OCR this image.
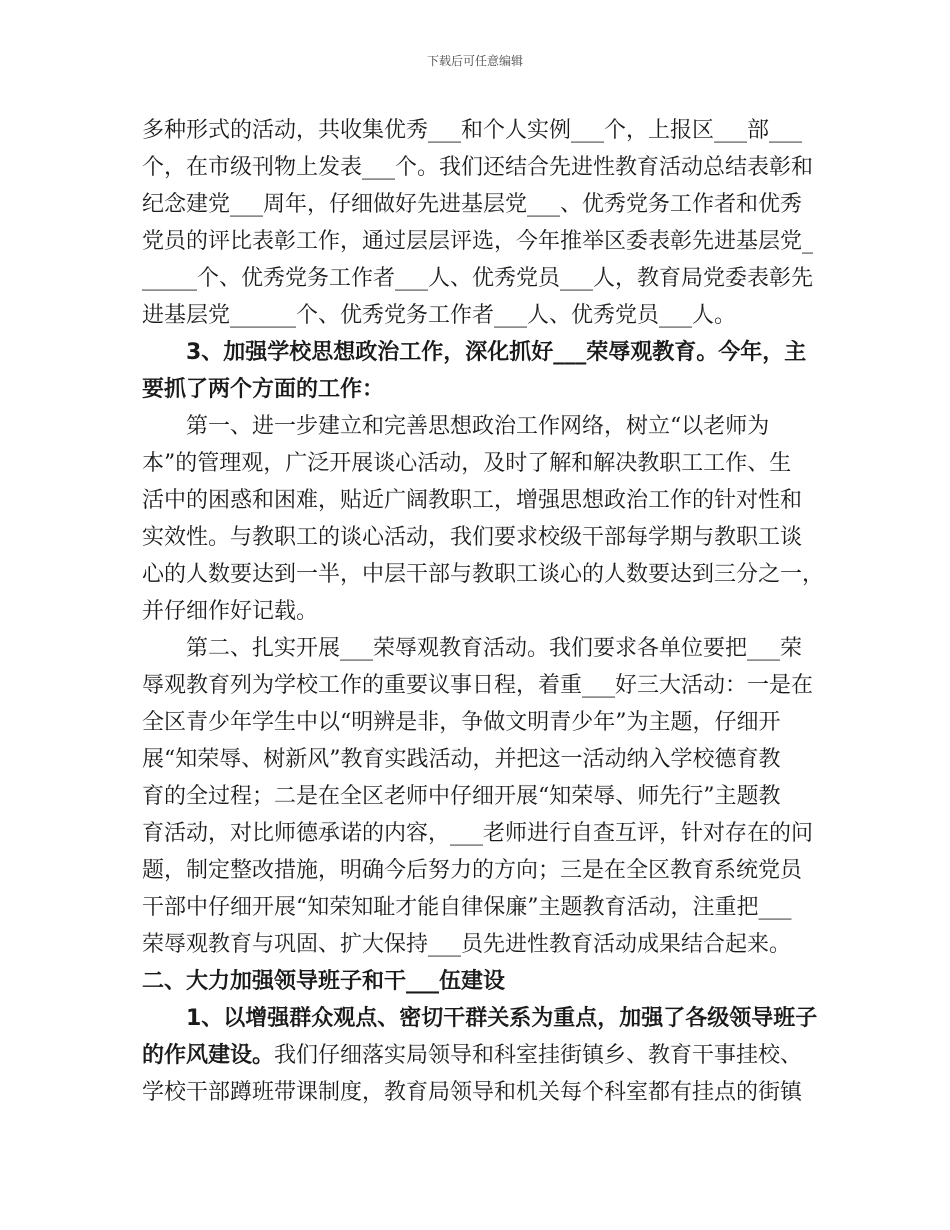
下载后可任意编辑
多种形式的活动，共收集优秀___和个人实例___个，上报区___部___
个，在市级刊物上发表___个。我们还结合先进性教育活动总结表彰和
纪念建党___周年，仔细做好先进基层党___、优秀党务工作者和优秀
党员的评比表彰工作，通过层层评选，今年推举区委表彰先进基层党_
_____个、优秀党务工作者___人、优秀党员___人，教育局党委表彰先
进基层党______个、优秀党务工作者___人、优秀党员___人。
3、加强学校思想政治工作，深化抓好___荣辱观教育。今年，主
要抓了两个方面的工作：
第一、进一步建立和完善思想政治工作网络，树立“以老师为
本”的管理观，广泛开展谈心活动，及时了解和解决教职工工作、生
活中的困惑和困难，贴近广阔教职工，增强思想政治工作的针对性和
实效性。与教职工的谈心活动，我们要求校级干部每学期与教职工谈
心的人数要达到一半，中层干部与教职工谈心的人数要达到三分之一，
并仔细作好记载。
第二、扎实开展___荣辱观教育活动。我们要求各单位要把___荣
辱观教育列为学校工作的重要议事日程，着重___好三大活动：一是在
全区青少年学生中以“明辨是非，争做文明青少年”为主题，仔细开
展“知荣辱、树新风”教育实践活动，并把这一活动纳入学校德育教
育的全过程；二是在全区老师中仔细开展“知荣辱、师先行”主题教
育活动，对比师德承诺的内容，___老师进行自查互评，针对存在的问
题，制定整改措施，明确今后努力的方向；三是在全区教育系统党员
干部中仔细开展“知荣知耻才能自律保廉”主题教育活动，注重把___
荣辱观教育与巩固、扩大保持___员先进性教育活动成果结合起来。
二、大力加强领导班子和干___伍建设
1、以增强群众观点、密切干群关系为重点，加强了各级领导班子
的作风建设。我们仔细落实局领导和科室挂街镇乡、教育干事挂校、
学校干部蹲班带课制度，教育局领导和机关每个科室都有挂点的街镇
